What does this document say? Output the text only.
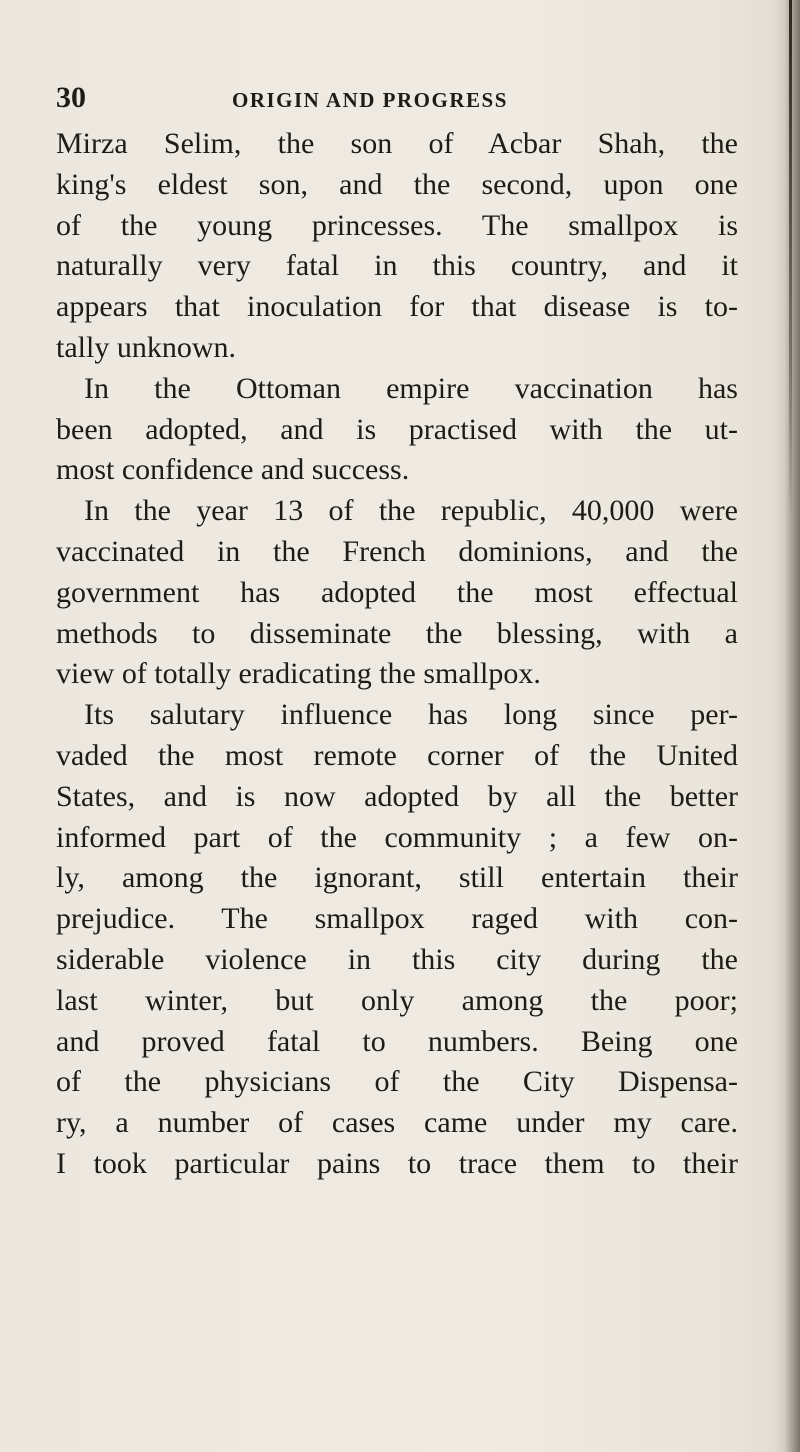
30	ORIGIN AND PROGRESS
Mirza Selim, the son of Acbar Shah, the
king's eldest son, and the second, upon one
of the young princesses. The smallpox is
naturally very fatal in this country, and it
appears that inoculation for that disease is to-
tally unknown.
In the Ottoman empire vaccination has
been adopted, and is practised with the ut-
most confidence and success.
In the year 13 of the republic, 40,000 were
vaccinated in the French dominions, and the
government has adopted the most effectual
methods to disseminate the blessing, with a
view of totally eradicating the smallpox.
Its salutary influence has long since per-
vaded the most remote corner of the United
States, and is now adopted by all the better
informed part of the community ; a few on-
ly, among the ignorant, still entertain their
prejudice. The smallpox raged with con-
siderable violence in this city during the
last winter, but only among the poor;
and proved fatal to numbers. Being one
of the physicians of the City Dispensa-
ry, a number of cases came under my care.
I took particular pains to trace them to their
